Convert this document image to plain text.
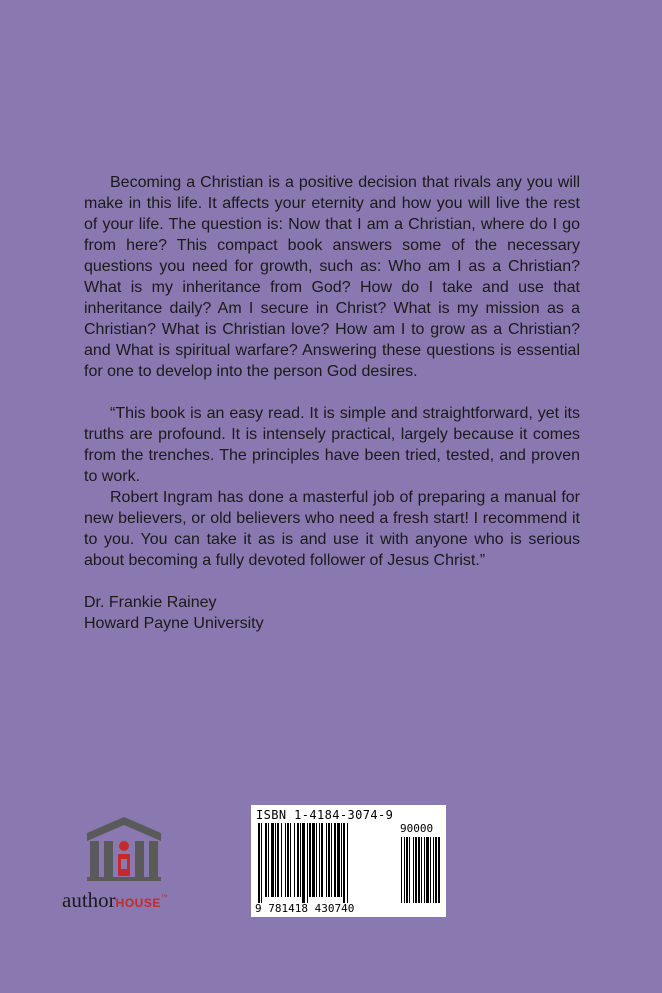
Becoming a Christian is a positive decision that rivals any you will make in this life. It affects your eternity and how you will live the rest of your life. The question is: Now that I am a Christian, where do I go from here? This compact book answers some of the necessary questions you need for growth, such as: Who am I as a Christian? What is my inheritance from God? How do I take and use that inheritance daily? Am I secure in Christ? What is my mission as a Christian? What is Christian love? How am I to grow as a Christian? and What is spiritual warfare? Answering these questions is essential for one to develop into the person God desires.

“This book is an easy read. It is simple and straightforward, yet its truths are profound. It is intensely practical, largely because it comes from the trenches. The principles have been tried, tested, and proven to work.

Robert Ingram has done a masterful job of preparing a manual for new believers, or old believers who need a fresh start! I recommend it to you. You can take it as is and use it with anyone who is serious about becoming a fully devoted follower of Jesus Christ.”

Dr. Frankie Rainey
Howard Payne University
authorHOUSE™
ISBN 1-4184-3074-9
90000
9 781418 430740
